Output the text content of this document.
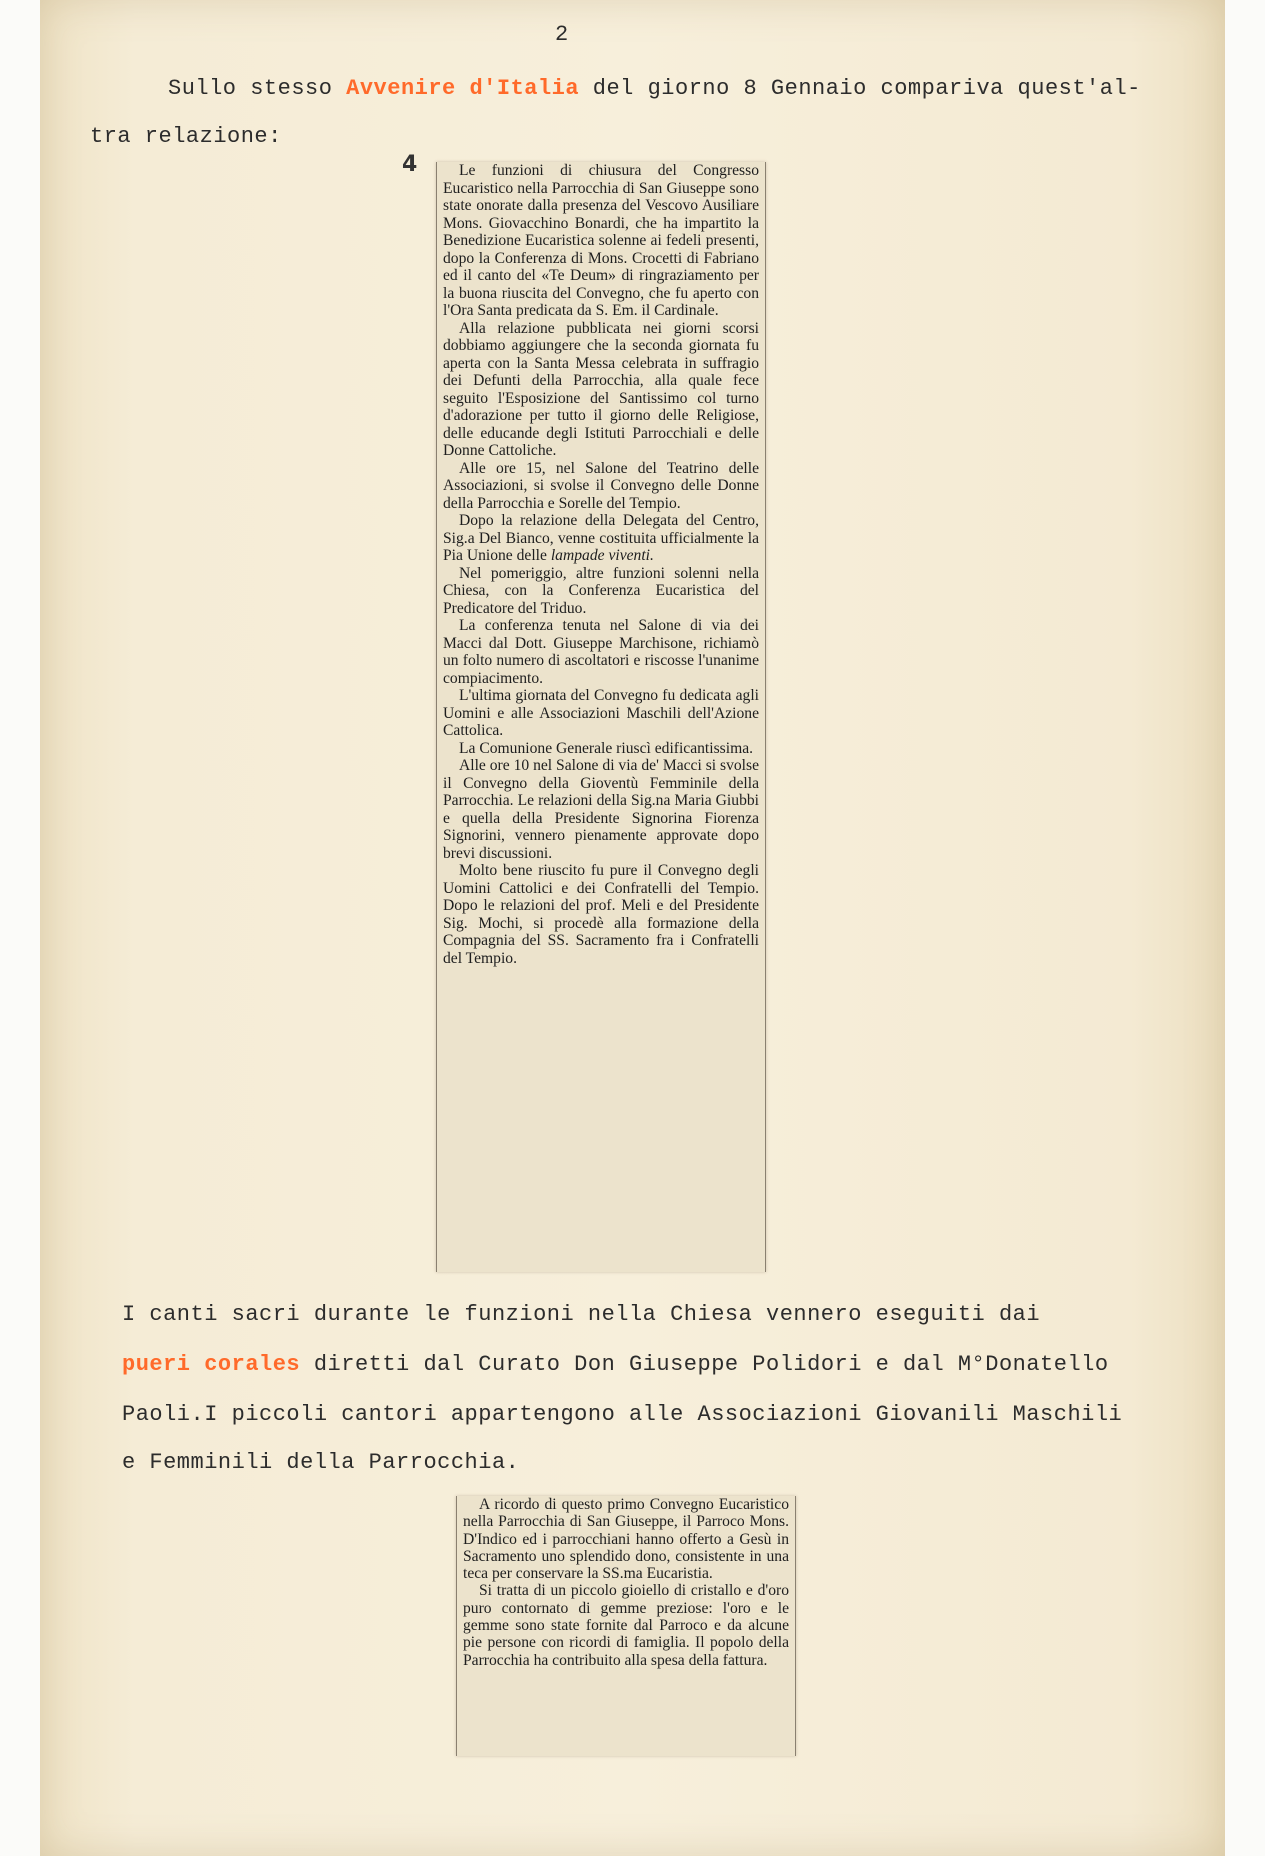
2
Sullo stesso Avvenire d'Italia del giorno 8 Gennaio compariva quest'al-
tra relazione:
4	Le funzioni di chiusura del Congresso Eucaristico nella Parrocchia di San Giuseppe sono state onorate dalla presenza del Vescovo Ausiliare Mons. Giovacchino Bonardi, che ha impartito la Benedizione Eucaristica solenne ai fedeli presenti, dopo la Conferenza di Mons. Crocetti di Fabriano ed il canto del «Te Deum» di ringraziamento per la buona riuscita del Convegno, che fu aperto con l'Ora Santa predicata da S. Em. il Cardinale.

Alla relazione pubblicata nei giorni scorsi dobbiamo aggiungere che la seconda giornata fu aperta con la Santa Messa celebrata in suffragio dei Defunti della Parrocchia, alla quale fece seguito l'Esposizione del Santissimo col turno d'adorazione per tutto il giorno delle Religiose, delle educande degli Istituti Parrocchiali e delle Donne Cattoliche.

Alle ore 15, nel Salone del Teatrino delle Associazioni, si svolse il Convegno delle Donne della Parrocchia e Sorelle del Tempio.

Dopo la relazione della Delegata del Centro, Sig.a Del Bianco, venne costituita ufficialmente la Pia Unione delle lampade viventi.

Nel pomeriggio, altre funzioni solenni nella Chiesa, con la Conferenza Eucaristica del Predicatore del Triduo.

La conferenza tenuta nel Salone di via dei Macci dal Dott. Giuseppe Marchisone, richiamò un folto numero di ascoltatori e riscosse l'unanime compiacimento.

L'ultima giornata del Convegno fu dedicata agli Uomini e alle Associazioni Maschili dell'Azione Cattolica.

La Comunione Generale riuscì edificantissima.

Alle ore 10 nel Salone di via de' Macci si svolse il Convegno della Gioventù Femminile della Parrocchia. Le relazioni della Sig.na Maria Giubbi e quella della Presidente Signorina Fiorenza Signorini, vennero pienamente approvate dopo brevi discussioni.

Molto bene riuscito fu pure il Convegno degli Uomini Cattolici e dei Confratelli del Tempio. Dopo le relazioni del prof. Meli e del Presidente Sig. Mochi, si procedè alla formazione della Compagnia del SS. Sacramento fra i Confratelli del Tempio.

I canti sacri durante le funzioni nella Chiesa vennero eseguiti dai
pueri corales diretti dal Curato Don Giuseppe Polidori e dal M°Donatello
Paoli.I piccoli cantori appartengono alle Associazioni Giovanili Maschili
e Femminili della Parrocchia.

A ricordo di questo primo Convegno Eucaristico nella Parrocchia di San Giuseppe, il Parroco Mons. D'Indico ed i parrocchiani hanno offerto a Gesù in Sacramento uno splendido dono, consistente in una teca per conservare la SS.ma Eucaristia.

Si tratta di un piccolo gioiello di cristallo e d'oro puro contornato di gemme preziose: l'oro e le gemme sono state fornite dal Parroco e da alcune pie persone con ricordi di famiglia. Il popolo della Parrocchia ha contribuito alla spesa della fattura.
